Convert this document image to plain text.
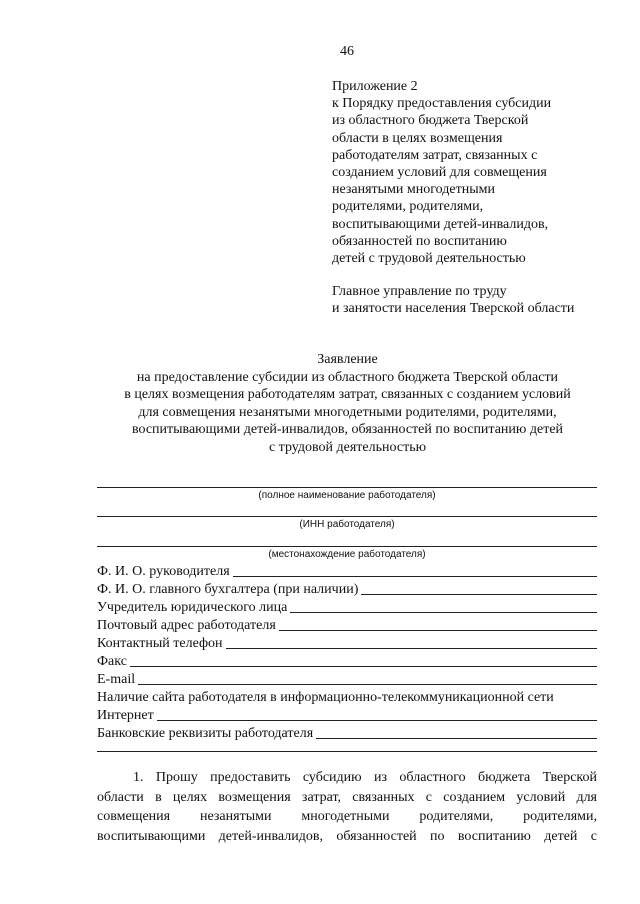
46
Приложение 2
к Порядку предоставления субсидии
из областного бюджета Тверской
области в целях возмещения
работодателям затрат, связанных с
созданием условий для совмещения
незанятыми многодетными
родителями, родителями,
воспитывающими детей-инвалидов,
обязанностей по воспитанию
детей с трудовой деятельностью
Главное управление по труду
и занятости населения Тверской области
Заявление
на предоставление субсидии из областного бюджета Тверской области
в целях возмещения работодателям затрат, связанных с созданием условий
для совмещения незанятыми многодетными родителями, родителями,
воспитывающими детей-инвалидов, обязанностей по воспитанию детей
с трудовой деятельностью
(полное наименование работодателя)
(ИНН работодателя)
(местонахождение работодателя)
Ф. И. О. руководителя
Ф. И. О. главного бухгалтера (при наличии)
Учредитель юридического лица
Почтовый адрес работодателя
Контактный телефон
Факс
E-mail
Наличие сайта работодателя в информационно-телекоммуникационной сети
Интернет
Банковские реквизиты работодателя
1. Прошу предоставить субсидию из областного бюджета Тверской
области в целях возмещения затрат, связанных с созданием условий для
совмещения незанятыми многодетными родителями, родителями,
воспитывающими детей-инвалидов, обязанностей по воспитанию детей с
